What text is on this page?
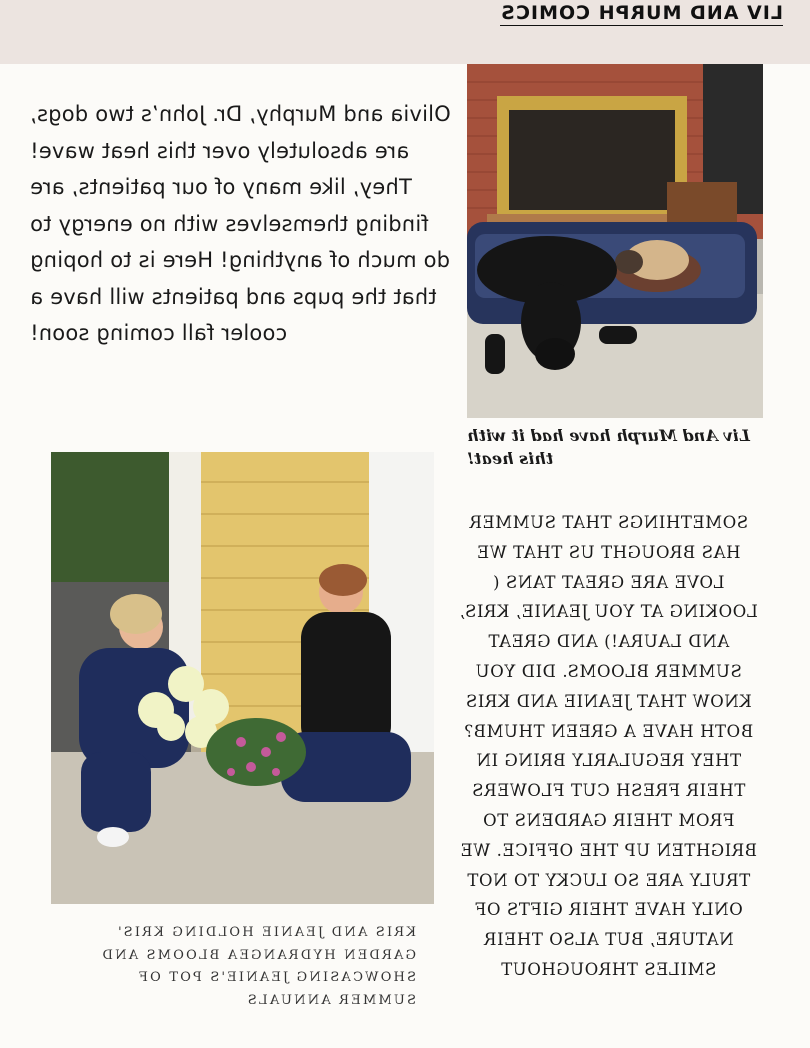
LIV AND MURPH COMICS
Olivia and Murphy, Dr. John’s two dogs, are absolutely over this heat wave! They, like many of our patients, are finding themselves with no energy to do much of anything! Here is to hoping that the pups and patients will have a cooler fall coming soon!
Liv And Murph have had it with this heat!
SOMETHINGS THAT SUMMER HAS BROUGHT US THAT WE LOVE ARE GREAT TANS ( LOOKING AT YOU JEANIE, KRIS, AND LAURA!) AND GREAT SUMMER BLOOMS. DID YOU KNOW THAT JEANIE AND KRIS BOTH HAVE A GREEN THUMB? THEY REGULARLY BRING IN THEIR FRESH CUT FLOWERS FROM THEIR GARDENS TO BRIGHTEN UP THE OFFICE. WE TRULY ARE SO LUCKY TO NOT ONLY HAVE THEIR GIFTS OF NATURE, BUT ALSO THEIR SMILES THROUGHOUT
KRIS AND JEANIE HOLDING KRIS' GARDEN HYDRANGEA BLOOMS AND SHOWCASING JEANIE'S POT OF SUMMER ANNUALS
